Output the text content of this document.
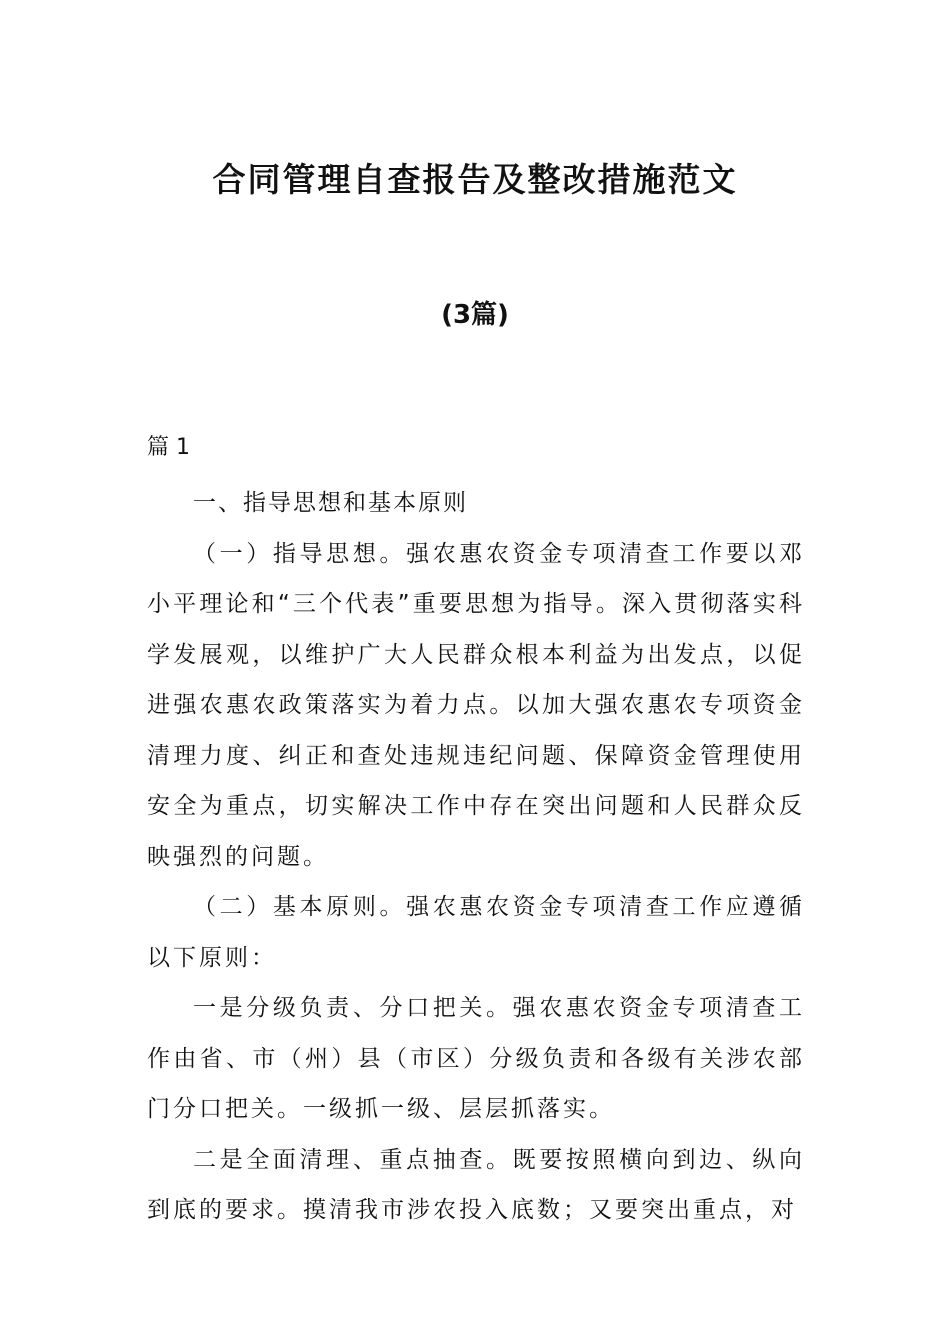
合同管理自查报告及整改措施范文
(3篇)
篇 1

一、指导思想和基本原则

（一）指导思想。强农惠农资金专项清查工作要以邓小平理论和“三个代表”重要思想为指导。深入贯彻落实科学发展观，以维护广大人民群众根本利益为出发点，以促进强农惠农政策落实为着力点。以加大强农惠农专项资金清理力度、纠正和查处违规违纪问题、保障资金管理使用安全为重点，切实解决工作中存在突出问题和人民群众反映强烈的问题。

（二）基本原则。强农惠农资金专项清查工作应遵循以下原则：

一是分级负责、分口把关。强农惠农资金专项清查工作由省、市（州）县（市区）分级负责和各级有关涉农部门分口把关。一级抓一级、层层抓落实。

二是全面清理、重点抽查。既要按照横向到边、纵向到底的要求。摸清我市涉农投入底数；又要突出重点，对
